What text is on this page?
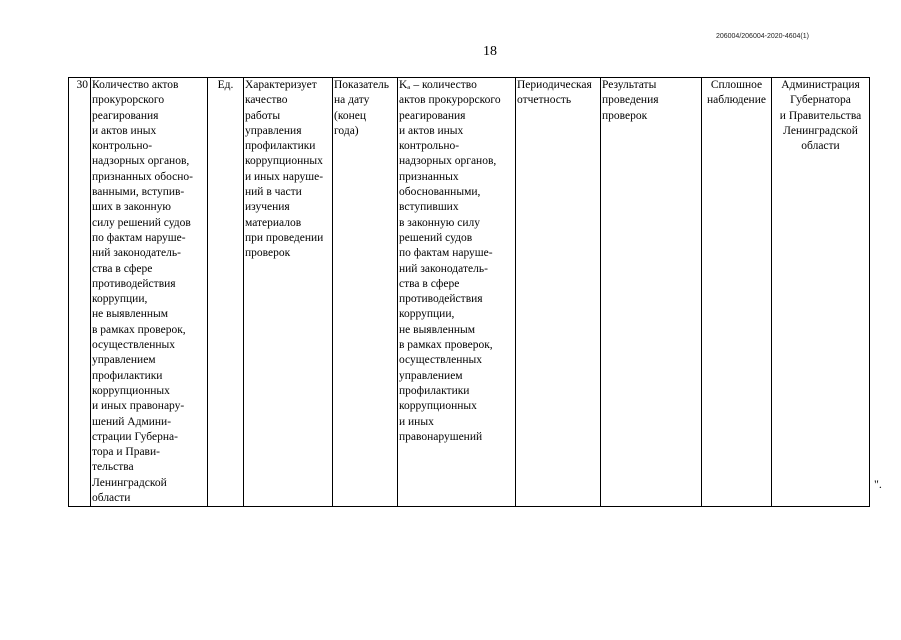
206004/206004-2020-4604(1)
18
30	Количество актов
прокурорского
реагирования
и актов иных
контрольно-
надзорных органов,
признанных обосно-
ванными, вступив-
ших в законную
силу решений судов
по фактам наруше-
ний законодатель-
ства в сфере
противодействия
коррупции,
не выявленным
в рамках проверок,
осуществленных
управлением
профилактики
коррупционных
и иных правонару-
шений Админи-
страции Губерна-
тора и Прави-
тельства
Ленинградской
области	Ед.	Характеризует
качество
работы
управления
профилактики
коррупционных
и иных наруше-
ний в части
изучения
материалов
при проведении
проверок	Показатель
на дату
(конец
года)	Kₐ – количество
актов прокурорского
реагирования
и актов иных
контрольно-
надзорных органов,
признанных
обоснованными,
вступивших
в законную силу
решений судов
по фактам наруше-
ний законодатель-
ства в сфере
противодействия
коррупции,
не выявленным
в рамках проверок,
осуществленных
управлением
профилактики
коррупционных
и иных
правонарушений	Периодическая
отчетность	Результаты
проведения
проверок	Сплошное
наблюдение	Администрация
Губернатора
и Правительства
Ленинградской
области
".
